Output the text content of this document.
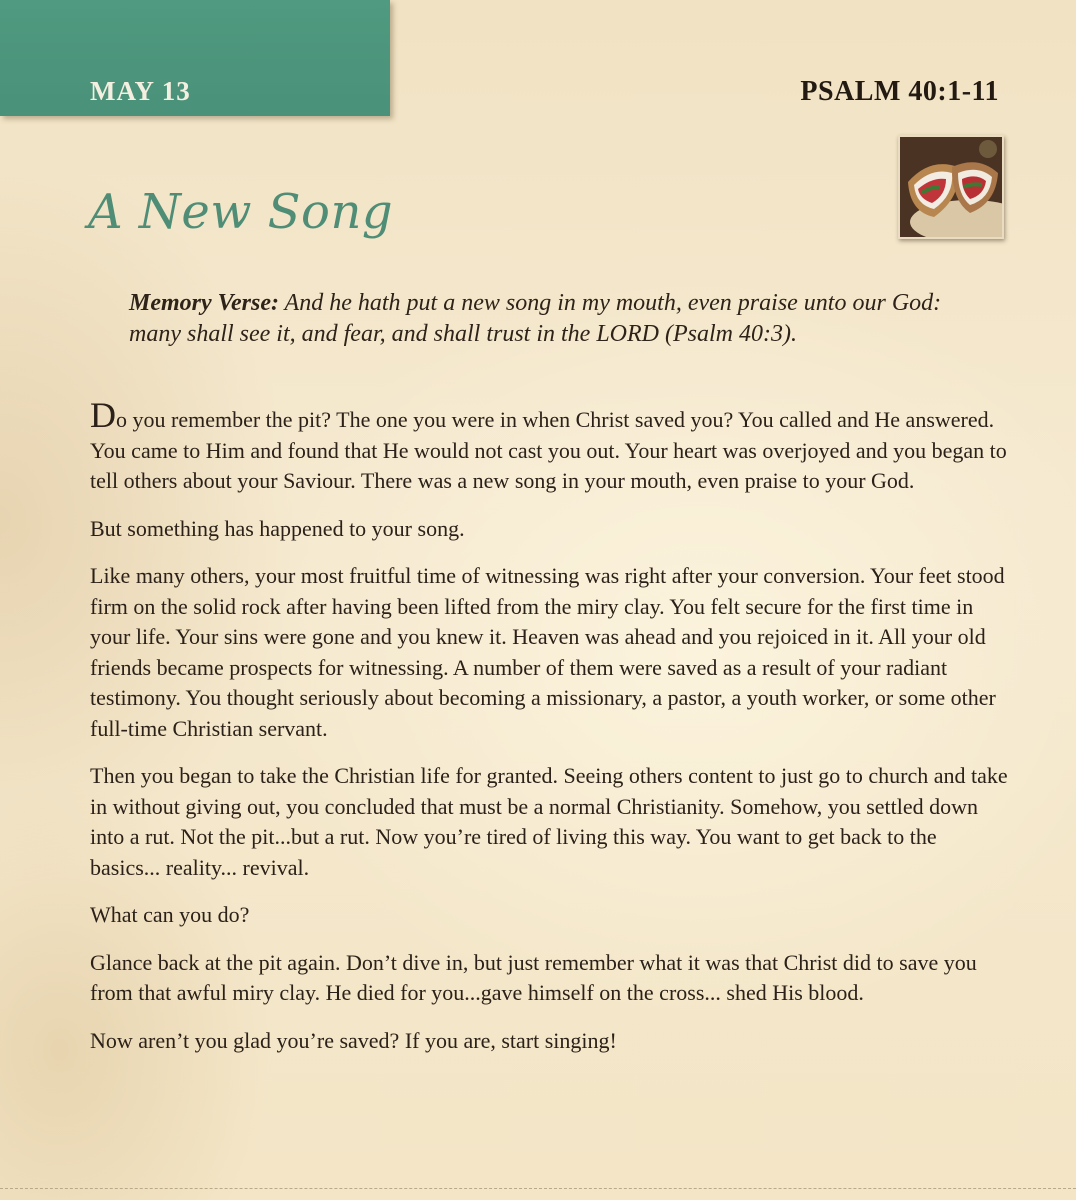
MAY 13	PSALM 40:1-11
A New Song
Memory Verse: And he hath put a new song in my mouth, even praise unto our God: many shall see it, and fear, and shall trust in the LORD (Psalm 40:3).

Do you remember the pit? The one you were in when Christ saved you? You called and He answered. You came to Him and found that He would not cast you out. Your heart was overjoyed and you began to tell others about your Saviour. There was a new song in your mouth, even praise to your God.

But something has happened to your song.

Like many others, your most fruitful time of witnessing was right after your conversion. Your feet stood firm on the solid rock after having been lifted from the miry clay. You felt secure for the first time in your life. Your sins were gone and you knew it. Heaven was ahead and you rejoiced in it. All your old friends became prospects for witnessing. A number of them were saved as a result of your radiant testimony. You thought seriously about becoming a missionary, a pastor, a youth worker, or some other full-time Christian servant.

Then you began to take the Christian life for granted. Seeing others content to just go to church and take in without giving out, you concluded that must be a normal Christianity. Somehow, you settled down into a rut. Not the pit...but a rut. Now you’re tired of living this way. You want to get back to the basics... reality... revival.

What can you do?

Glance back at the pit again. Don’t dive in, but just remember what it was that Christ did to save you from that awful miry clay. He died for you...gave himself on the cross... shed His blood.

Now aren’t you glad you’re saved? If you are, start singing!
